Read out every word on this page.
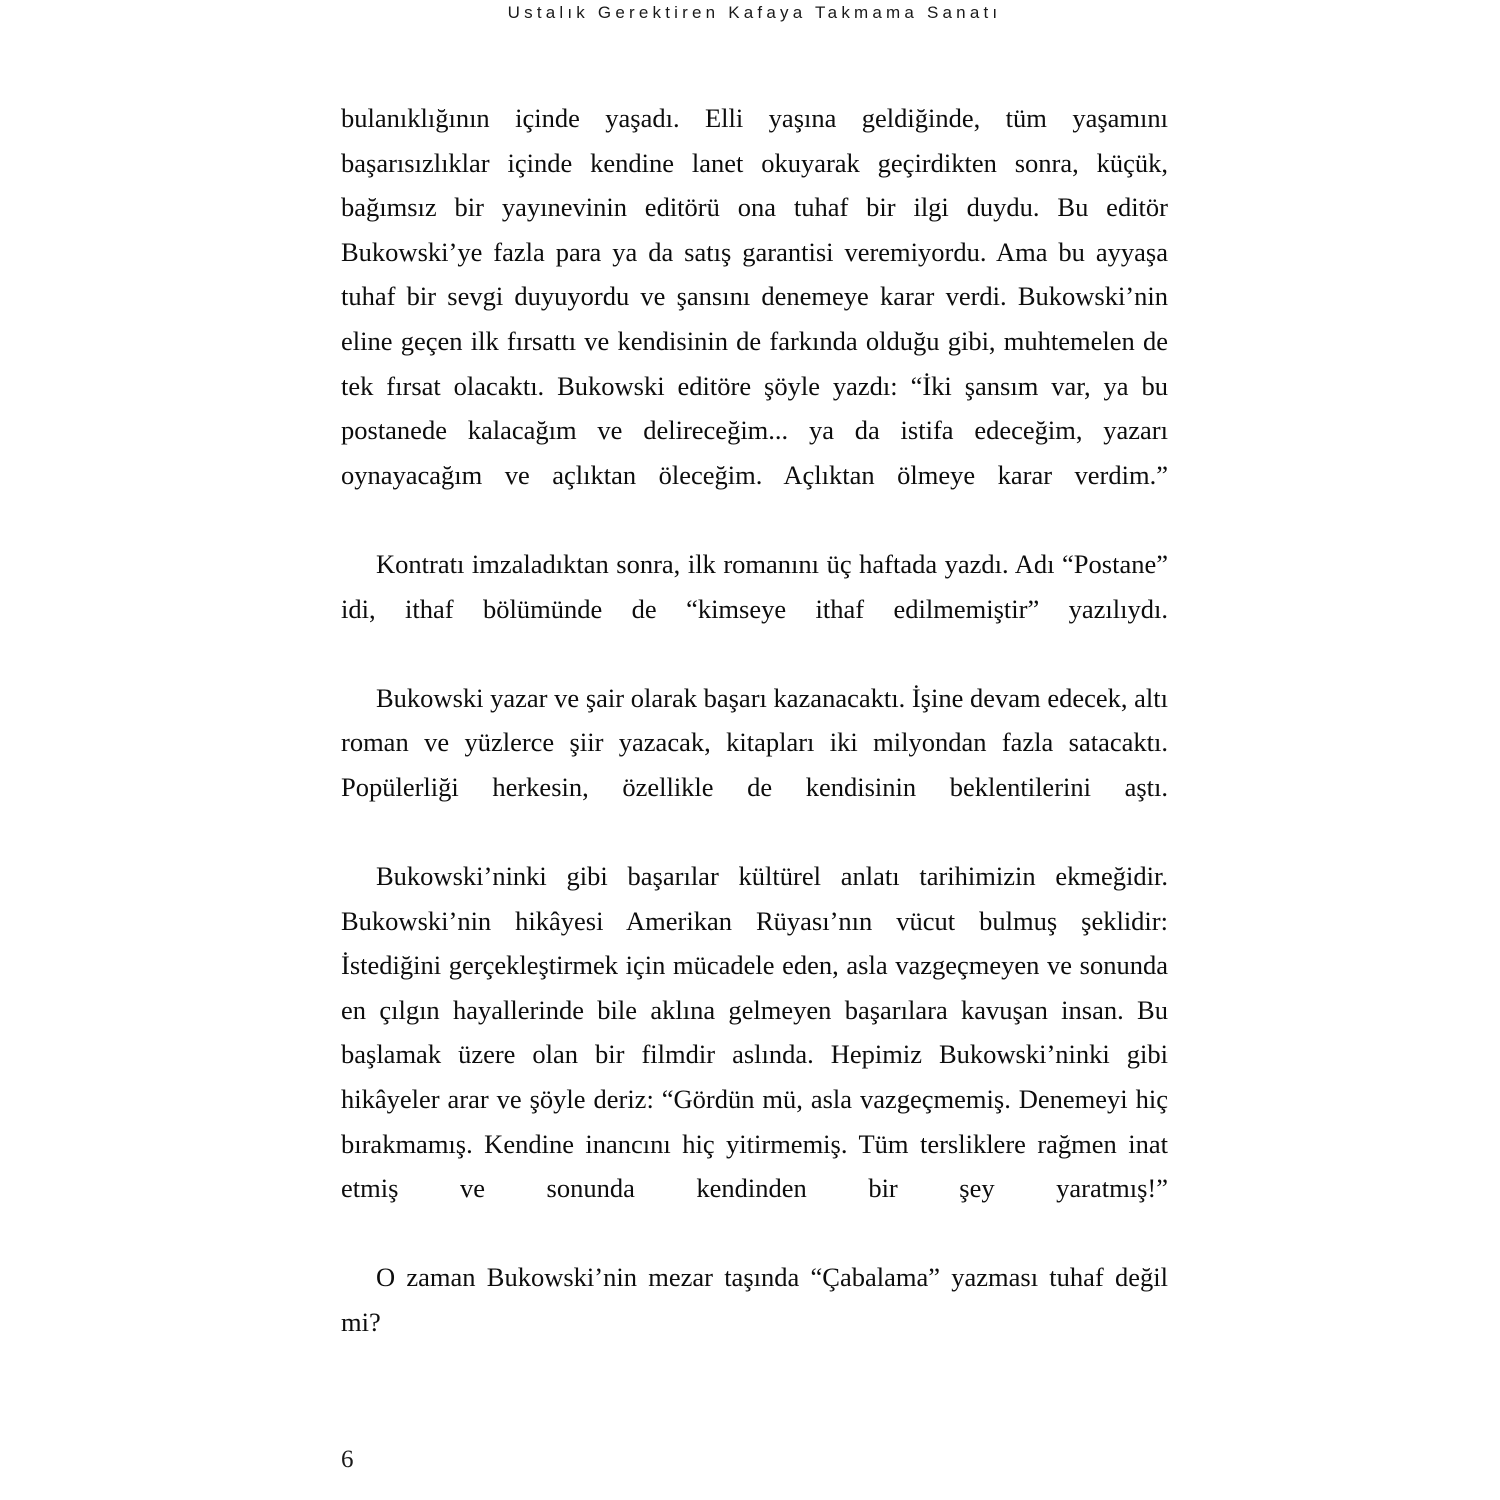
Ustalık Gerektiren Kafaya Takmama Sanatı

bulanıklığının içinde yaşadı. Elli yaşına geldiğinde, tüm yaşamını başarısızlıklar içinde kendine lanet okuyarak geçirdikten sonra, küçük, bağımsız bir yayınevinin editörü ona tuhaf bir ilgi duydu. Bu editör Bukowski’ye fazla para ya da satış garantisi veremiyordu. Ama bu ayyaşa tuhaf bir sevgi duyuyordu ve şansını denemeye karar verdi. Bukowski’nin eline geçen ilk fırsattı ve kendisinin de farkında olduğu gibi, muhtemelen de tek fırsat olacaktı. Bukowski editöre şöyle yazdı: “İki şansım var, ya bu postanede kalacağım ve delireceğim... ya da istifa edeceğim, yazarı oynayacağım ve açlıktan öleceğim. Açlıktan ölmeye karar verdim.”

Kontratı imzaladıktan sonra, ilk romanını üç haftada yazdı. Adı “Postane” idi, ithaf bölümünde de “kimseye ithaf edilmemiştir” yazılıydı.

Bukowski yazar ve şair olarak başarı kazanacaktı. İşine devam edecek, altı roman ve yüzlerce şiir yazacak, kitapları iki milyondan fazla satacaktı. Popülerliği herkesin, özellikle de kendisinin beklentilerini aştı.

Bukowski’ninki gibi başarılar kültürel anlatı tarihimizin ekmeğidir. Bukowski’nin hikâyesi Amerikan Rüyası’nın vücut bulmuş şeklidir: İstediğini gerçekleştirmek için mücadele eden, asla vazgeçmeyen ve sonunda en çılgın hayallerinde bile aklına gelmeyen başarılara kavuşan insan. Bu başlamak üzere olan bir filmdir aslında. Hepimiz Bukowski’ninki gibi hikâyeler arar ve şöyle deriz: “Gördün mü, asla vazgeçmemiş. Denemeyi hiç bırakmamış. Kendine inancını hiç yitirmemiş. Tüm tersliklere rağmen inat etmiş ve sonunda kendinden bir şey yaratmış!”

O zaman Bukowski’nin mezar taşında “Çabalama” yazması tuhaf değil mi?

6
